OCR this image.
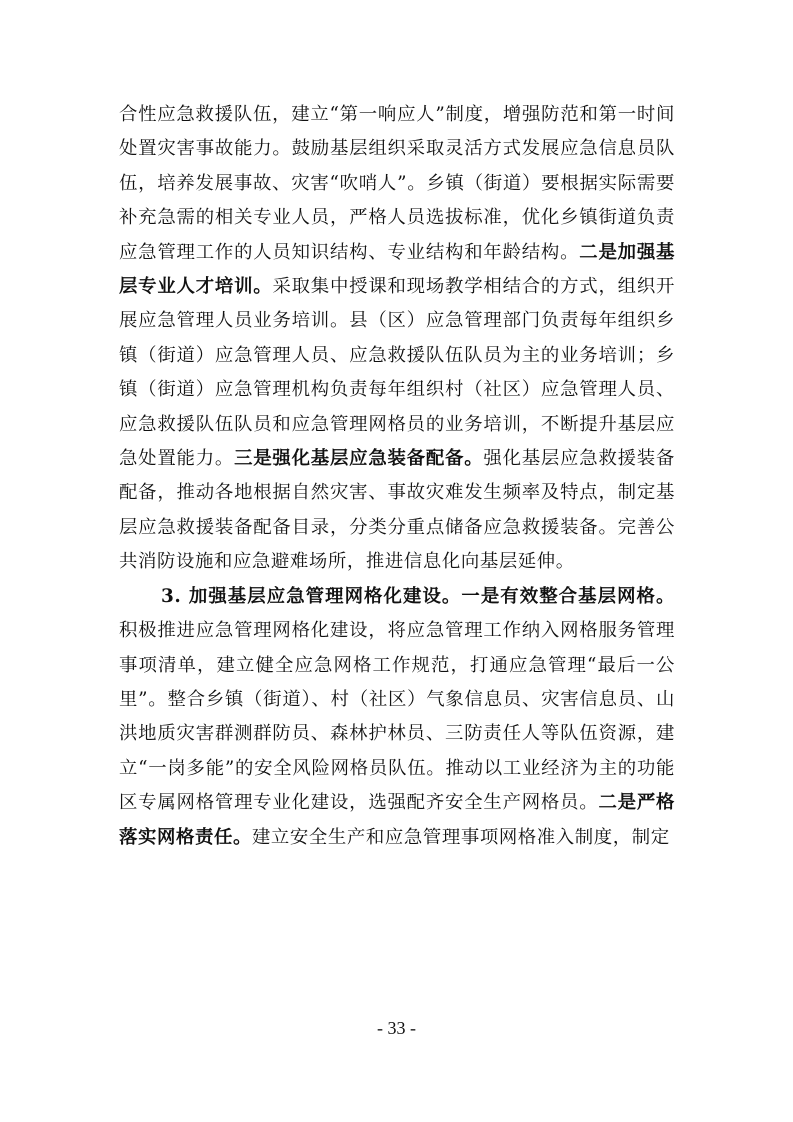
合性应急救援队伍，建立“第一响应人”制度，增强防范和第一时间处置灾害事故能力。鼓励基层组织采取灵活方式发展应急信息员队伍，培养发展事故、灾害“吹哨人”。乡镇（街道）要根据实际需要补充急需的相关专业人员，严格人员选拔标准，优化乡镇街道负责应急管理工作的人员知识结构、专业结构和年龄结构。二是加强基层专业人才培训。采取集中授课和现场教学相结合的方式，组织开展应急管理人员业务培训。县（区）应急管理部门负责每年组织乡镇（街道）应急管理人员、应急救援队伍队员为主的业务培训；乡镇（街道）应急管理机构负责每年组织村（社区）应急管理人员、应急救援队伍队员和应急管理网格员的业务培训，不断提升基层应急处置能力。三是强化基层应急装备配备。强化基层应急救援装备配备，推动各地根据自然灾害、事故灾难发生频率及特点，制定基层应急救援装备配备目录，分类分重点储备应急救援装备。完善公共消防设施和应急避难场所，推进信息化向基层延伸。

3. 加强基层应急管理网格化建设。一是有效整合基层网格。积极推进应急管理网格化建设，将应急管理工作纳入网格服务管理事项清单，建立健全应急网格工作规范，打通应急管理“最后一公里”。整合乡镇（街道）、村（社区）气象信息员、灾害信息员、山洪地质灾害群测群防员、森林护林员、三防责任人等队伍资源，建立“一岗多能”的安全风险网格员队伍。推动以工业经济为主的功能区专属网格管理专业化建设，选强配齐安全生产网格员。二是严格落实网格责任。建立安全生产和应急管理事项网格准入制度，制定

- 33 -
